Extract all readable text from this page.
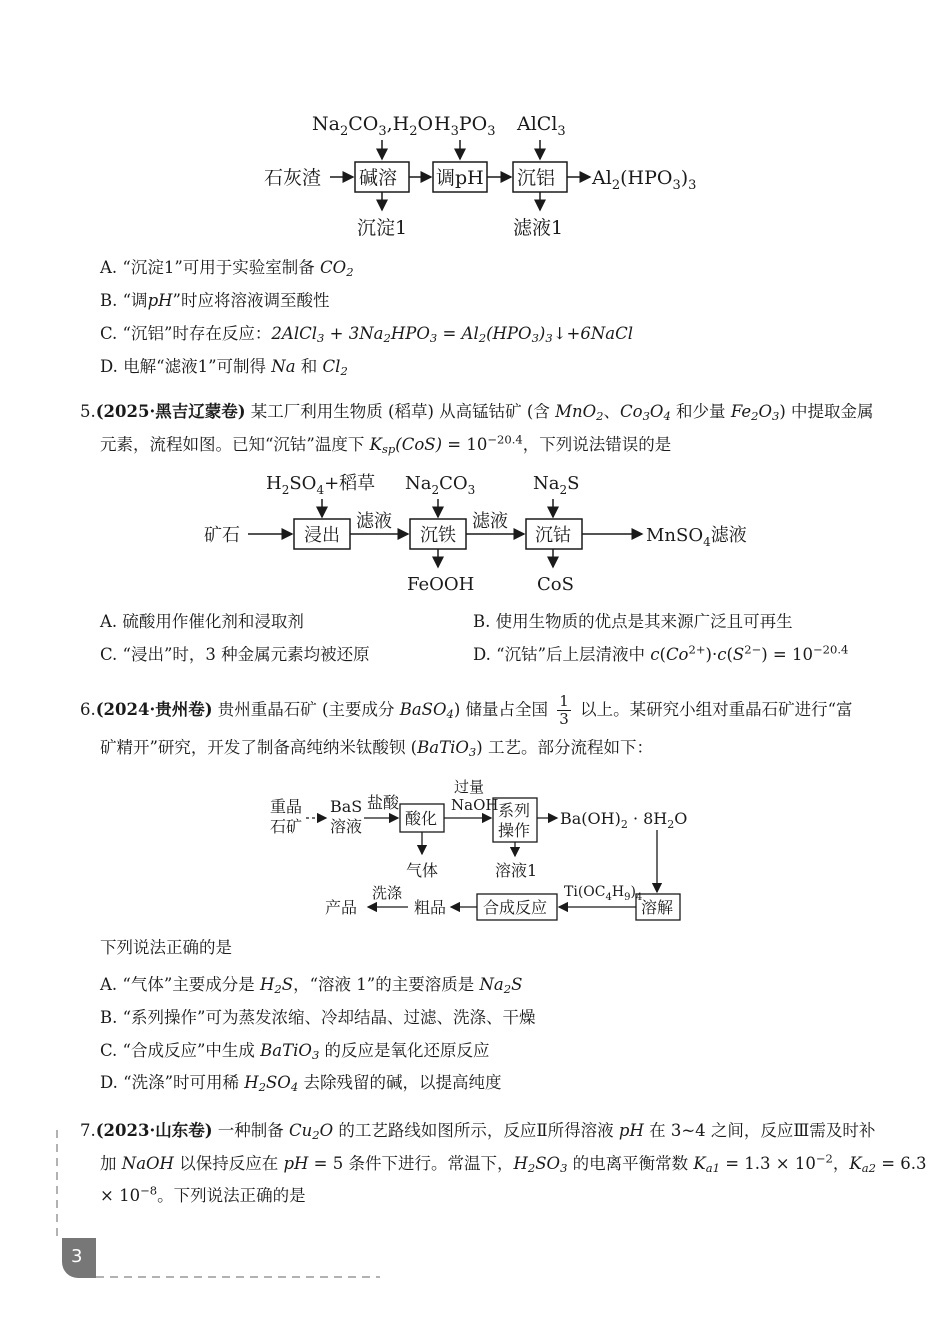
$Na_2CO_3,H_2O$ $H_3PO_3$ AlCl$_3$
石灰渣 碱溶 调pH 沉铝 $Al_2(HPO_3)_3$
沉淀1	滤液1
A. “沉淀1”可用于实验室制备 $CO_2$
B. “调pH”时应将溶液调至酸性
C. “沉铝”时存在反应：2AlCl$_3$ + $3Na_2HPO_3$ = $Al_2(HPO_3)_3↓+6NaCl$
D. 电解“滤液1”可制得 Na 和 $Cl_2$
5.(2025·黑吉辽蒙卷) 某工厂利用生物质 (稻草) 从高锰钴矿 (含 MnO$_2$、$Co_3O_4$ 和少量 $Fe_2O_3$) 中提取金属
元素，流程如图。已知“沉钴”温度下 $K_{sp}(CoS) = 10^{-20.4}$，下列说法错误的是
$H_2SO_4+$稻草 $Na_2CO_3$	$Na_2S$
矿石	浸出
滤液
沉铁
滤液
沉钴	MnSO$_4$滤液
FeOOH	CoS
A. 硫酸用作催化剂和浸取剂	B. 使用生物质的优点是其来源广泛且可再生
C. “浸出”时，3 种金属元素均被还原	D. “沉钴”后上层清液中 $c(Co^{2+})\cdot c(S^{2-}) = 10^{-20.4}$
6.(2024·贵州卷) 贵州重晶石矿 (主要成分 BaSO$_4$) 储量占全国 $\frac{1}{3}$ 以上。某研究小组对重晶石矿进行“富
矿精开”研究，开发了制备高纯纳米钛酸钡 (BaTiO$_3$) 工艺。部分流程如下：
重晶
石矿
BaS
溶液
盐酸
酸化
过量
NaOH 系列
操作
$Ba(OH)_2 \cdot 8H_2O$
气体	溶液1
溶解
$Ti(OC_4H_9)_4$
合成反应
粗品
洗涤
产品
下列说法正确的是
A. “气体”主要成分是 $H_2S$，“溶液 1”的主要溶质是 $Na_2S$
B. “系列操作”可为蒸发浓缩、冷却结晶、过滤、洗涤、干燥
C. “合成反应”中生成 BaTiO$_3$ 的反应是氧化还原反应
D. “洗涤”时可用稀 $H_2SO_4$ 去除残留的碱，以提高纯度
7.(2023·山东卷) 一种制备 $Cu_2O$ 的工艺路线如图所示，反应Ⅱ所得溶液 pH 在 3~4 之间，反应Ⅲ需及时补
加 NaOH 以保持反应在 pH = 5 条件下进行。常温下，$H_2SO_3$ 的电离平衡常数 $K_{a1} = 1.3 \times 10^{-2}$，$K_{a2} = 6.3$
× $10^{-8}$。下列说法正确的是
3
